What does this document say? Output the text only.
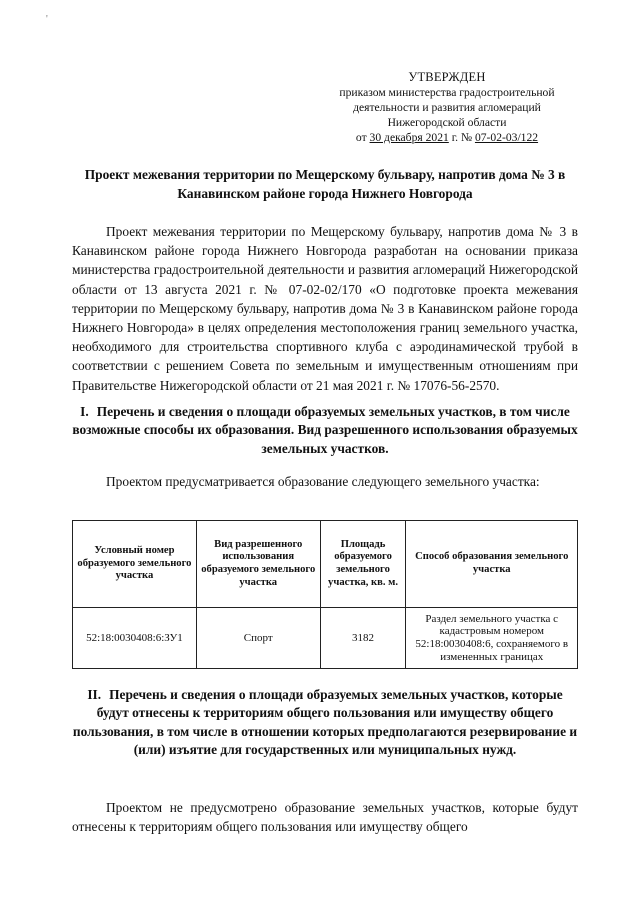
'
УТВЕРЖДЕН
приказом министерства градостроительной
деятельности и развития агломераций
Нижегородской области
от 30 декабря 2021 г. № 07-02-03/122
Проект межевания территории по Мещерскому бульвару, напротив дома № 3 в Канавинском районе города Нижнего Новгорода
Проект межевания территории по Мещерскому бульвару, напротив дома № 3 в Канавинском районе города Нижнего Новгорода разработан на основании приказа министерства градостроительной деятельности и развития агломераций Нижегородской области от 13 августа 2021 г. № 07-02-02/170 «О подготовке проекта межевания территории по Мещерскому бульвару, напротив дома № 3 в Канавинском районе города Нижнего Новгорода» в целях определения местоположения границ земельного участка, необходимого для строительства спортивного клуба с аэродинамической трубой в соответствии с решением Совета по земельным и имущественным отношениям при Правительстве Нижегородской области от 21 мая 2021 г. № 17076-56-2570.
I. Перечень и сведения о площади образуемых земельных участков, в том числе возможные способы их образования. Вид разрешенного использования образуемых земельных участков.
Проектом предусматривается образование следующего земельного участка:
Условный номер образуемого земельного участка	Вид разрешенного использования образуемого земельного участка	Площадь образуемого земельного участка, кв. м.	Способ образования земельного участка
52:18:0030408:6:ЗУ1	Спорт	3182	Раздел земельного участка с кадастровым номером 52:18:0030408:6, сохраняемого в измененных границах
II. Перечень и сведения о площади образуемых земельных участков, которые будут отнесены к территориям общего пользования или имуществу общего пользования, в том числе в отношении которых предполагаются резервирование и (или) изъятие для государственных или муниципальных нужд.
Проектом не предусмотрено образование земельных участков, которые будут отнесены к территориям общего пользования или имуществу общего
